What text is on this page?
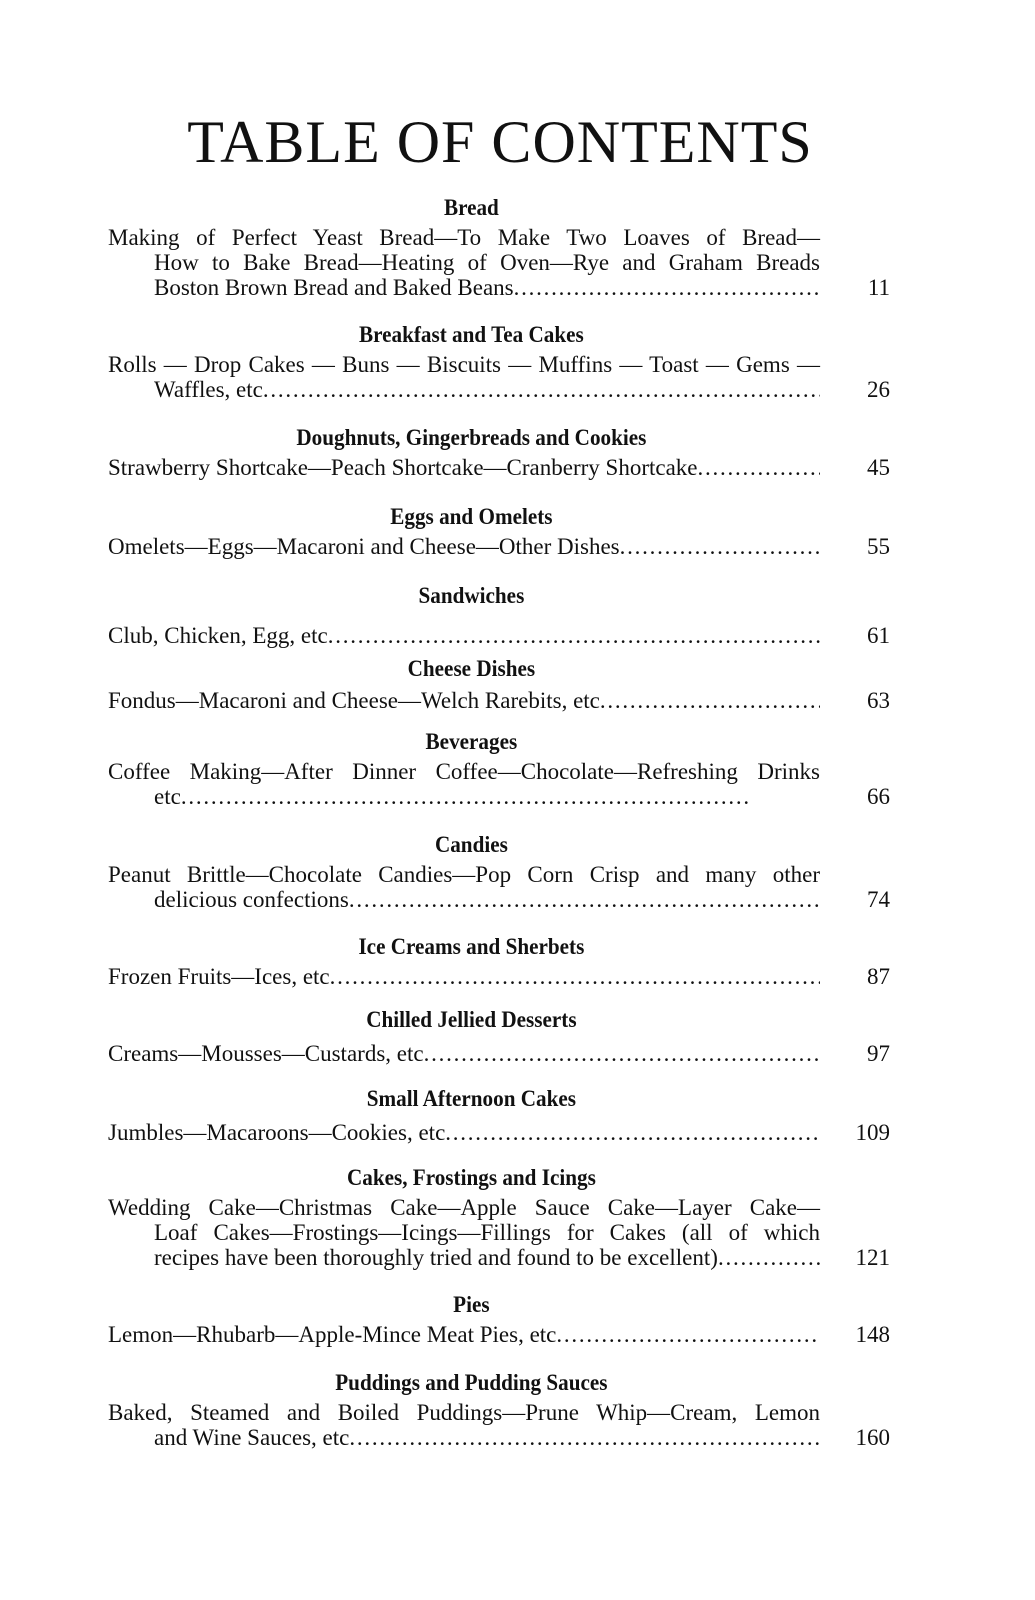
TABLE OF CONTENTS
Bread
Making of Perfect Yeast Bread—To Make Two Loaves of Bread—
How to Bake Bread—Heating of Oven—Rye and Graham Breads
Boston Brown Bread and Baked Beans . . .	11
Breakfast and Tea Cakes
Rolls — Drop Cakes — Buns — Biscuits — Muffins — Toast — Gems —
Waffles, etc . . .	26
Doughnuts, Gingerbreads and Cookies
Strawberry Shortcake—Peach Shortcake—Cranberry Shortcake . . .	45
Eggs and Omelets
Omelets—Eggs—Macaroni and Cheese—Other Dishes . . .	55
Sandwiches
Club, Chicken, Egg, etc . . .	61
Cheese Dishes
Fondus—Macaroni and Cheese—Welch Rarebits, etc . . .	63
Beverages
Coffee Making—After Dinner Coffee—Chocolate—Refreshing Drinks
etc . . .	66
Candies
Peanut Brittle—Chocolate Candies—Pop Corn Crisp and many other
delicious confections . . .	74
Ice Creams and Sherbets
Frozen Fruits—Ices, etc . . .	87
Chilled Jellied Desserts
Creams—Mousses—Custards, etc . . .	97
Small Afternoon Cakes
Jumbles—Macaroons—Cookies, etc . . .	109
Cakes, Frostings and Icings
Wedding Cake—Christmas Cake—Apple Sauce Cake—Layer Cake—
Loaf Cakes—Frostings—Icings—Fillings for Cakes (all of which
recipes have been thoroughly tried and found to be excellent) . . .	121
Pies
Lemon—Rhubarb—Apple-Mince Meat Pies, etc . . .	148
Puddings and Pudding Sauces
Baked, Steamed and Boiled Puddings—Prune Whip—Cream, Lemon
and Wine Sauces, etc . . .	160
